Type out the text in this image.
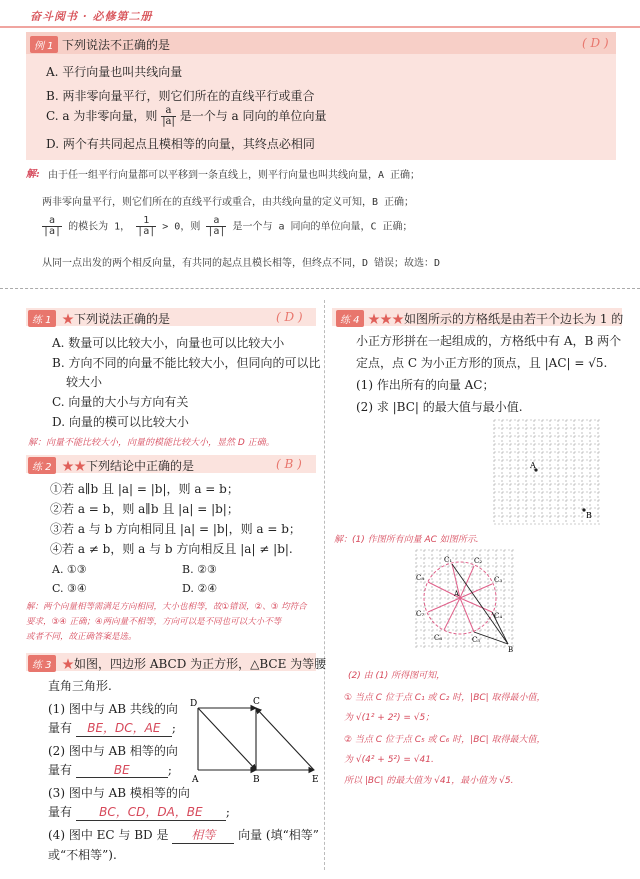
奋斗阅书 · 必修第二册
例 1 下列说法不正确的是	( D )
A. 平行向量也叫共线向量
B. 两非零向量平行，则它们所在的直线平行或重合
C. a 为非零向量，则 $\frac{a}{|a|}$ 是一个与 a 同向的单位向量
D. 两个有共同起点且模相等的向量，其终点必相同
解: 由于任一组平行向量都可以平移到一条直线上，则平行向量也叫共线向量，A 正确；
两非零向量平行，则它们所在的直线平行或重合，由共线向量的定义可知，B 正确；
$\frac{a}{|a|}$ 的模长为 1， $\frac{1}{|a|} > 0$，则 $\frac{a}{|a|}$ 是一个与 a 同向的单位向量，C 正确；
从同一点出发的两个相反向量，有共同的起点且模长相等，但终点不同，D 错误；故选：D
练 1 ★下列说法正确的是	( D )
A. 数量可以比较大小，向量也可以比较大小
B. 方向不同的向量不能比较大小，但同向的可以比
较大小
C. 向量的大小与方向有关
D. 向量的模可以比较大小
解：向量不能比较大小，向量的模能比较大小，显然 D 正确。
练 2 ★★下列结论中正确的是	( B )
①若 a∥b 且 |a| = |b|，则 a = b；
②若 a = b，则 a∥b 且 |a| = |b|；
③若 a 与 b 方向相同且 |a| = |b|，则 a = b；
④若 a ≠ b，则 a 与 b 方向相反且 |a| ≠ |b|.
A. ①③	B. ②③
C. ③④	D. ②④
解：两个向量相等需满足方向相同，大小也相等，故①错误，②、③ 均符合
要求，③④ 正确；④两向量不相等，方向可以是不同也可以大小不等
或者不同，故正确答案是选。
练 3 ★如图，四边形 ABCD 为正方形，△BCE 为等腰
直角三角形.
(1) 图中与 AB 共线的向
量有 BE，DC，AE ;
(2) 图中与 AB 相等的向
量有	BE	;
(3) 图中与 AB 模相等的向
量有 BC，CD，DA，BE ;
(4) 图中 EC 与 BD 是 相等 向量 (填“相等”
或“不相等”).
D	C
A	B	E
练 4 ★★★如图所示的方格纸是由若干个边长为 1 的
小正方形拼在一起组成的，方格纸中有 A，B 两个
定点，点 C 为小正方形的顶点，且 |AC| = √5.
(1) 作出所有的向量 AC；
(2) 求 |BC| 的最大值与最小值.
A
B
解：(1) 作图所有向量 AC 如图所示.
C₁	C₂
C₃
C₄
C₅
C₆
C₇
C₈
A
B
(2) 由 (1) 所得图可知，
① 当点 C 位于点 C₁ 或 C₂ 时，|BC| 取得最小值，
为 √(1² + 2²) = √5；
② 当点 C 位于点 C₅ 或 C₆ 时，|BC| 取得最大值，
为 √(4² + 5²) = √41.
所以 |BC| 的最大值为 √41，最小值为 √5.
